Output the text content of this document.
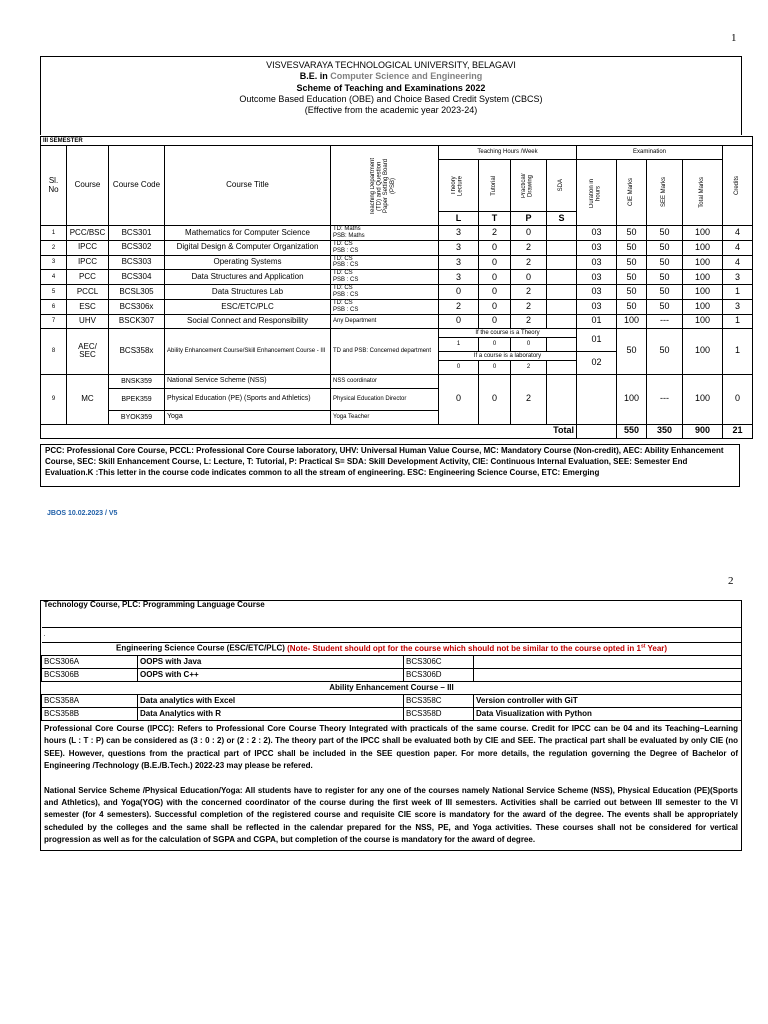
1
VISVESVARAYA TECHNOLOGICAL UNIVERSITY, BELAGAVI
B.E. in Computer Science and Engineering
Scheme of Teaching and Examinations 2022
Outcome Based Education (OBE) and Choice Based Credit System (CBCS)
(Effective from the academic year 2023-24)
III SEMESTER													
Sl. No	Course	Course Code	Course Title	Teaching Department (TD) and Question Paper Setting Board (PSB)	Teaching Hours /Week				Examination				Credits

					Theory Lecture	Tutorial	Practical/ Drawing	SDA	Duration in hours	CIE Marks	SEE Marks	Total Marks	

					L	T	P	S					
1	PCC/BSC	BCS301	Mathematics for Computer Science	TD: Maths
PSB: Maths	3	2	0		03	50	50	100	4
2	IPCC	BCS302	Digital Design & Computer Organization	TD: CS
PSB : CS	3	0	2		03	50	50	100	4
3	IPCC	BCS303	Operating Systems	TD: CS
PSB : CS	3	0	2		03	50	50	100	4
4	PCC	BCS304	Data Structures and Application	TD: CS
PSB : CS	3	0	0		03	50	50	100	3
5	PCCL	BCSL305	Data Structures Lab	TD: CS
PSB : CS	0	0	2		03	50	50	100	1
6	ESC	BCS306x	ESC/ETC/PLC	TD: CS
PSB : CS	2	0	2		03	50	50	100	3
7	UHV	BSCK307	Social Connect and Responsibility	Any Department	0	0	2		01	100	---	100	1
8	AEC/ SEC	BCS358x	Ability Enhancement Course/Skill Enhancement Course - III	TD and PSB: Concerned department	If the course is a Theory				01	50	50	100	1
					1	0	0						
					If a course is a laboratory				02				
					0	0	2						
9	MC	BNSK359	National Service Scheme (NSS)	NSS coordinator	0	0	2			100	---	100	0
		BPEK359	Physical Education (PE) (Sports and Athletics)	Physical Education Director									
		BYOK359	Yoga	Yoga Teacher									
Total										550	350	900	21
PCC: Professional Core Course, PCCL: Professional Core Course laboratory, UHV: Universal Human Value Course, MC: Mandatory Course (Non-credit), AEC: Ability Enhancement Course, SEC: Skill Enhancement Course, L: Lecture, T: Tutorial, P: Practical S= SDA: Skill Development Activity, CIE: Continuous Internal Evaluation, SEE: Semester End Evaluation.K :This letter in the course code indicates common to all the stream of engineering. ESC: Engineering Science Course, ETC: Emerging
JBOS 10.02.2023 / V5
2
Technology Course, PLC: Programming Language Course			
.			
Engineering Science Course (ESC/ETC/PLC) (Note- Student should opt for the course which should not be similar to the course opted in 1st Year)			
BCS306A	OOPS with Java	BCS306C	
BCS306B	OOPS with C++	BCS306D	
Ability Enhancement Course – III			
BCS358A	Data analytics with Excel	BCS358C	Version controller with GiT
BCS358B	Data Analytics with R	BCS358D	Data Visualization with Python
Professional Core Course (IPCC): Refers to Professional Core Course Theory Integrated with practicals of the same course. Credit for IPCC can be 04 and its Teaching–Learning hours (L : T : P) can be considered as (3 : 0 : 2) or (2 : 2 : 2). The theory part of the IPCC shall be evaluated both by CIE and SEE. The practical part shall be evaluated by only CIE (no SEE). However, questions from the practical part of IPCC shall be included in the SEE question paper. For more details, the regulation governing the Degree of Bachelor of Engineering /Technology (B.E./B.Tech.) 2022-23 may please be refered.
National Service Scheme /Physical Education/Yoga: All students have to register for any one of the courses namely National Service Scheme (NSS), Physical Education (PE)(Sports and Athletics), and Yoga(YOG) with the concerned coordinator of the course during the first week of III semesters. Activities shall be carried out between III semester to the VI semester (for 4 semesters). Successful completion of the registered course and requisite CIE score is mandatory for the award of the degree. The events shall be appropriately scheduled by the colleges and the same shall be reflected in the calendar prepared for the NSS, PE, and Yoga activities. These courses shall not be considered for vertical progression as well as for the calculation of SGPA and CGPA, but completion of the course is mandatory for the award of degree.
